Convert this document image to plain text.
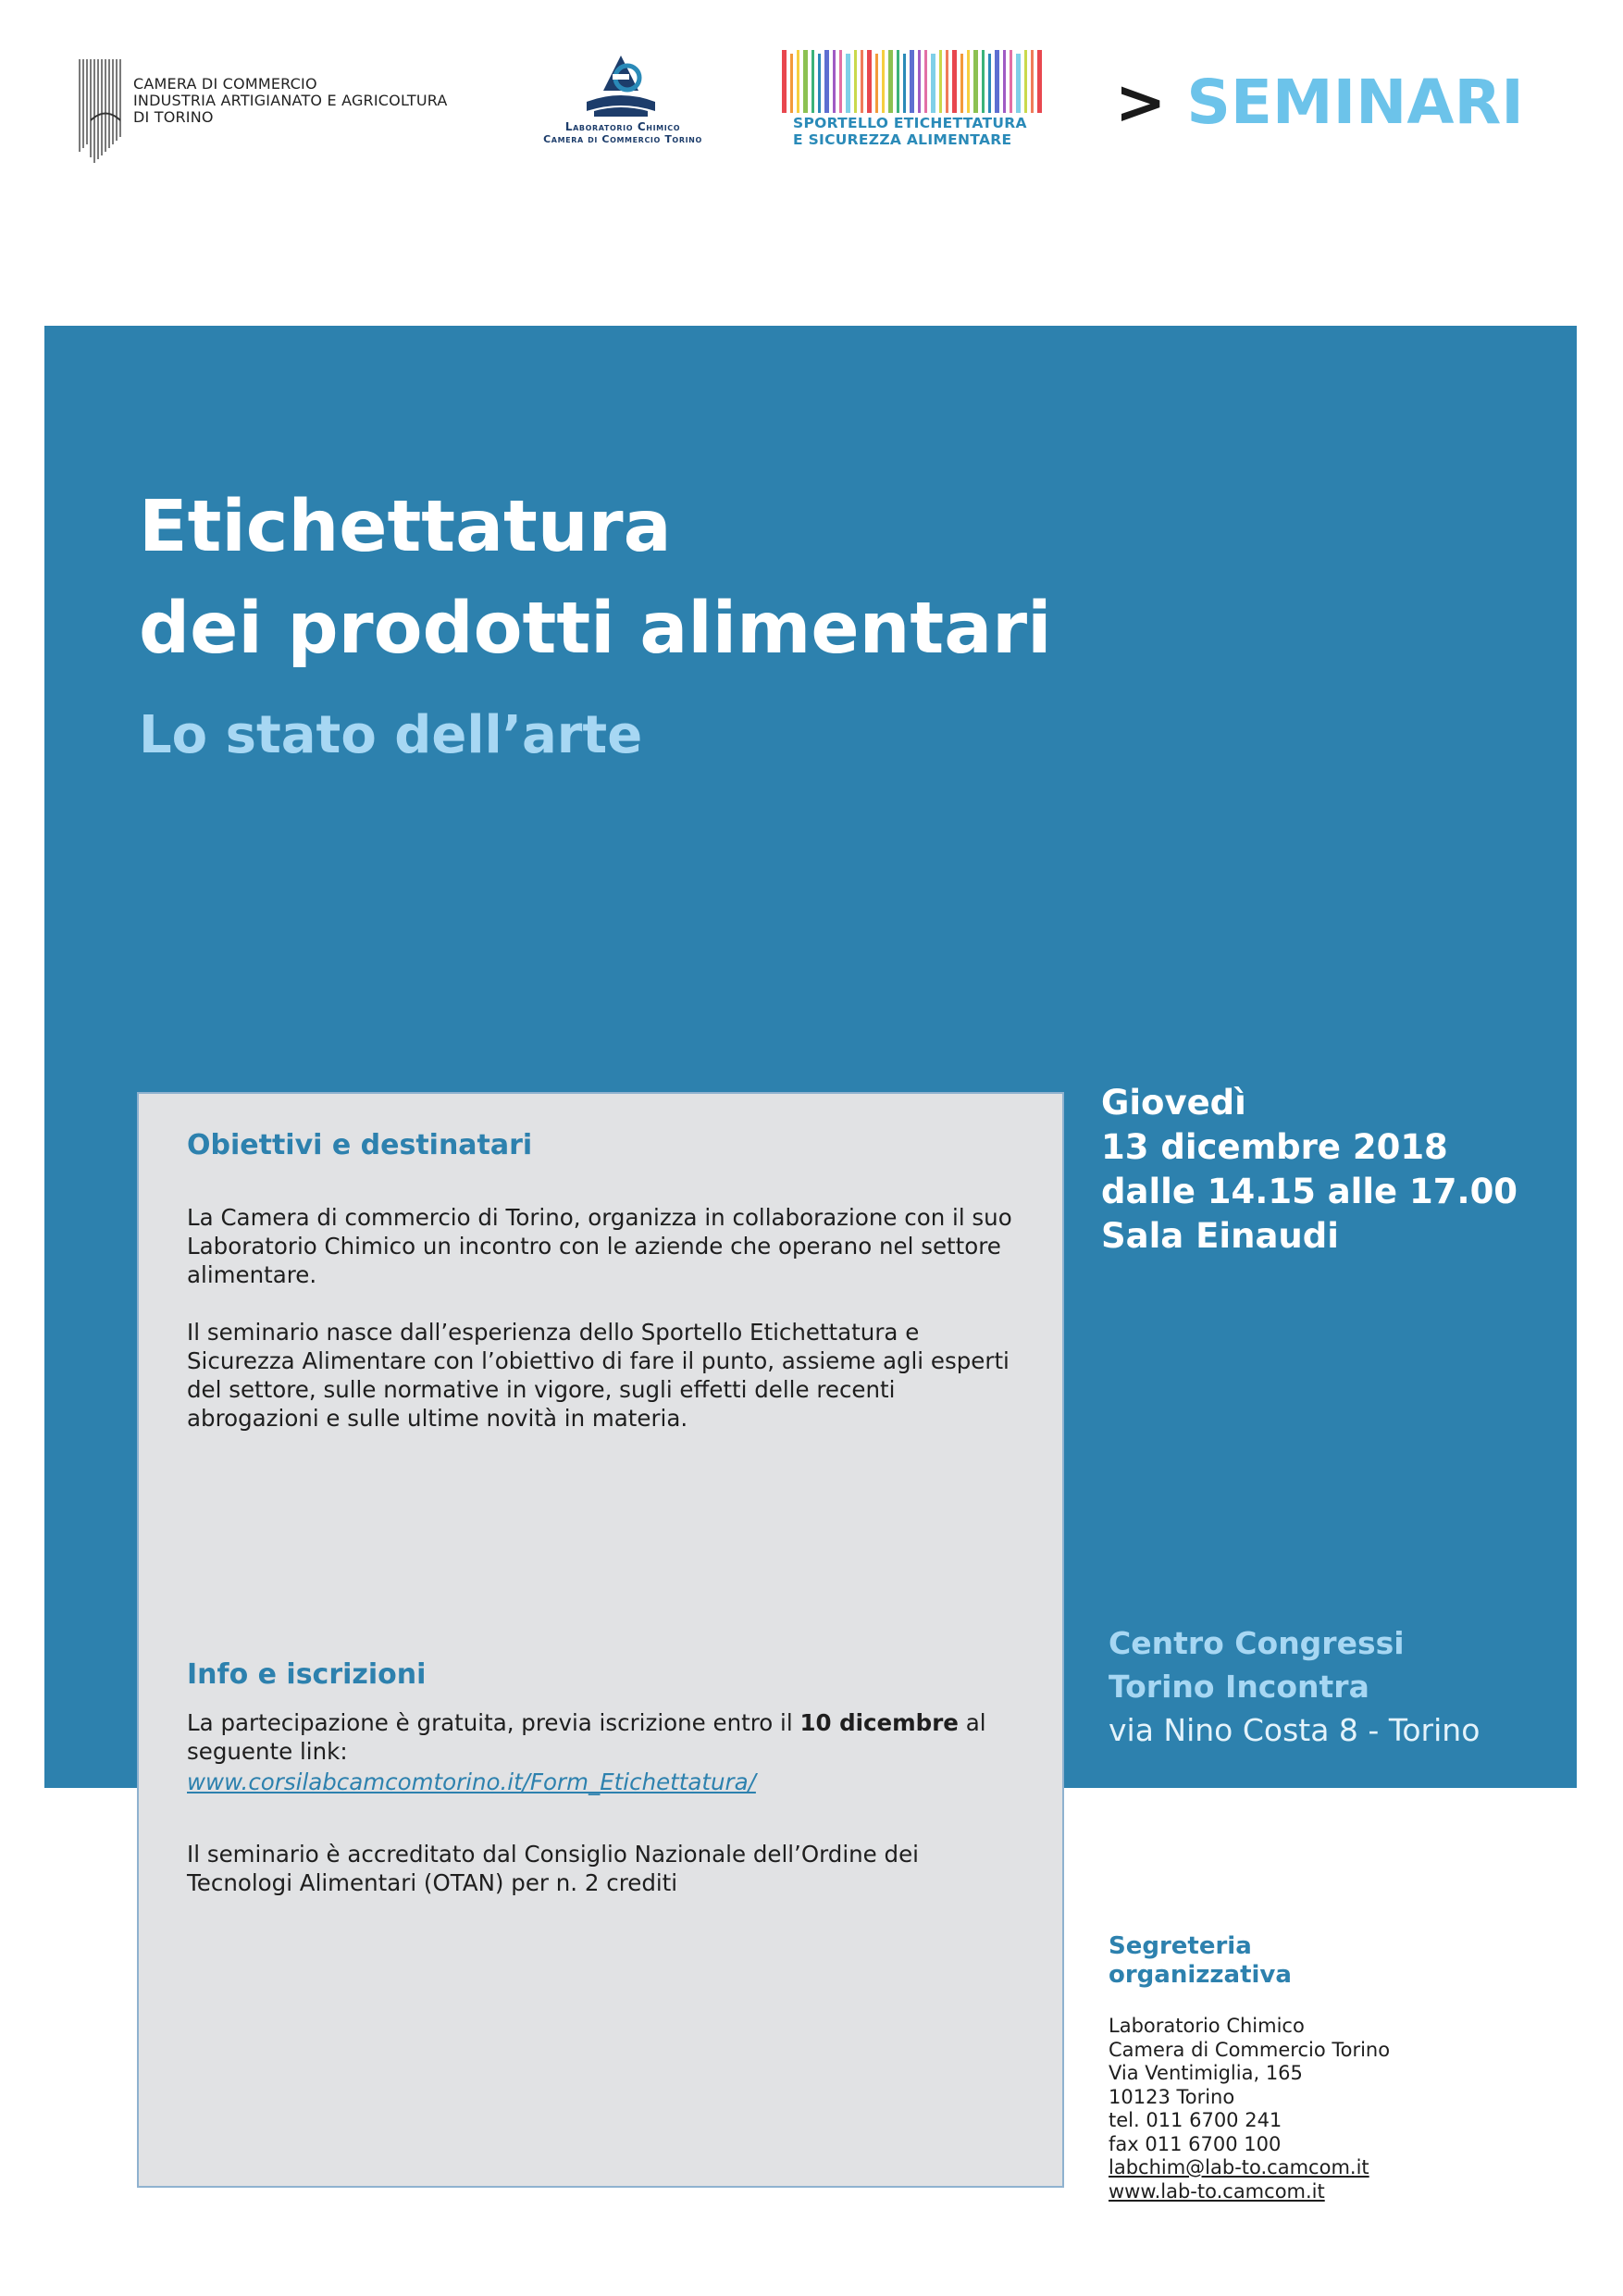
CAMERA DI COMMERCIO
INDUSTRIA ARTIGIANATO E AGRICOLTURA
DI TORINO
Laboratorio Chimico
Camera di Commercio Torino
SPORTELLO ETICHETTATURA
E SICUREZZA ALIMENTARE
> SEMINARI
Etichettatura
dei prodotti alimentari
Lo stato dell’arte
Giovedì
13 dicembre 2018
dalle 14.15 alle 17.00
Sala Einaudi
Centro Congressi
Torino Incontra
via Nino Costa 8 - Torino
Obiettivi e destinatari
La Camera di commercio di Torino, organizza in collaborazione con il suo Laboratorio Chimico un incontro con le aziende che operano nel settore alimentare.
Il seminario nasce dall’esperienza dello Sportello Etichettatura e Sicurezza Alimentare con l’obiettivo di fare il punto, assieme agli esperti del settore, sulle normative in vigore, sugli effetti delle recenti abrogazioni e sulle ultime novità in materia.
Info e iscrizioni
La partecipazione è gratuita, previa iscrizione entro il 10 dicembre al seguente link:
www.corsilabcamcomtorino.it/Form_Etichettatura/
Il seminario è accreditato dal Consiglio Nazionale dell’Ordine dei Tecnologi Alimentari (OTAN) per n. 2 crediti
Segreteria
organizzativa
Laboratorio Chimico
Camera di Commercio Torino
Via Ventimiglia, 165
10123 Torino
tel. 011 6700 241
fax 011 6700 100
labchim@lab-to.camcom.it
www.lab-to.camcom.it
